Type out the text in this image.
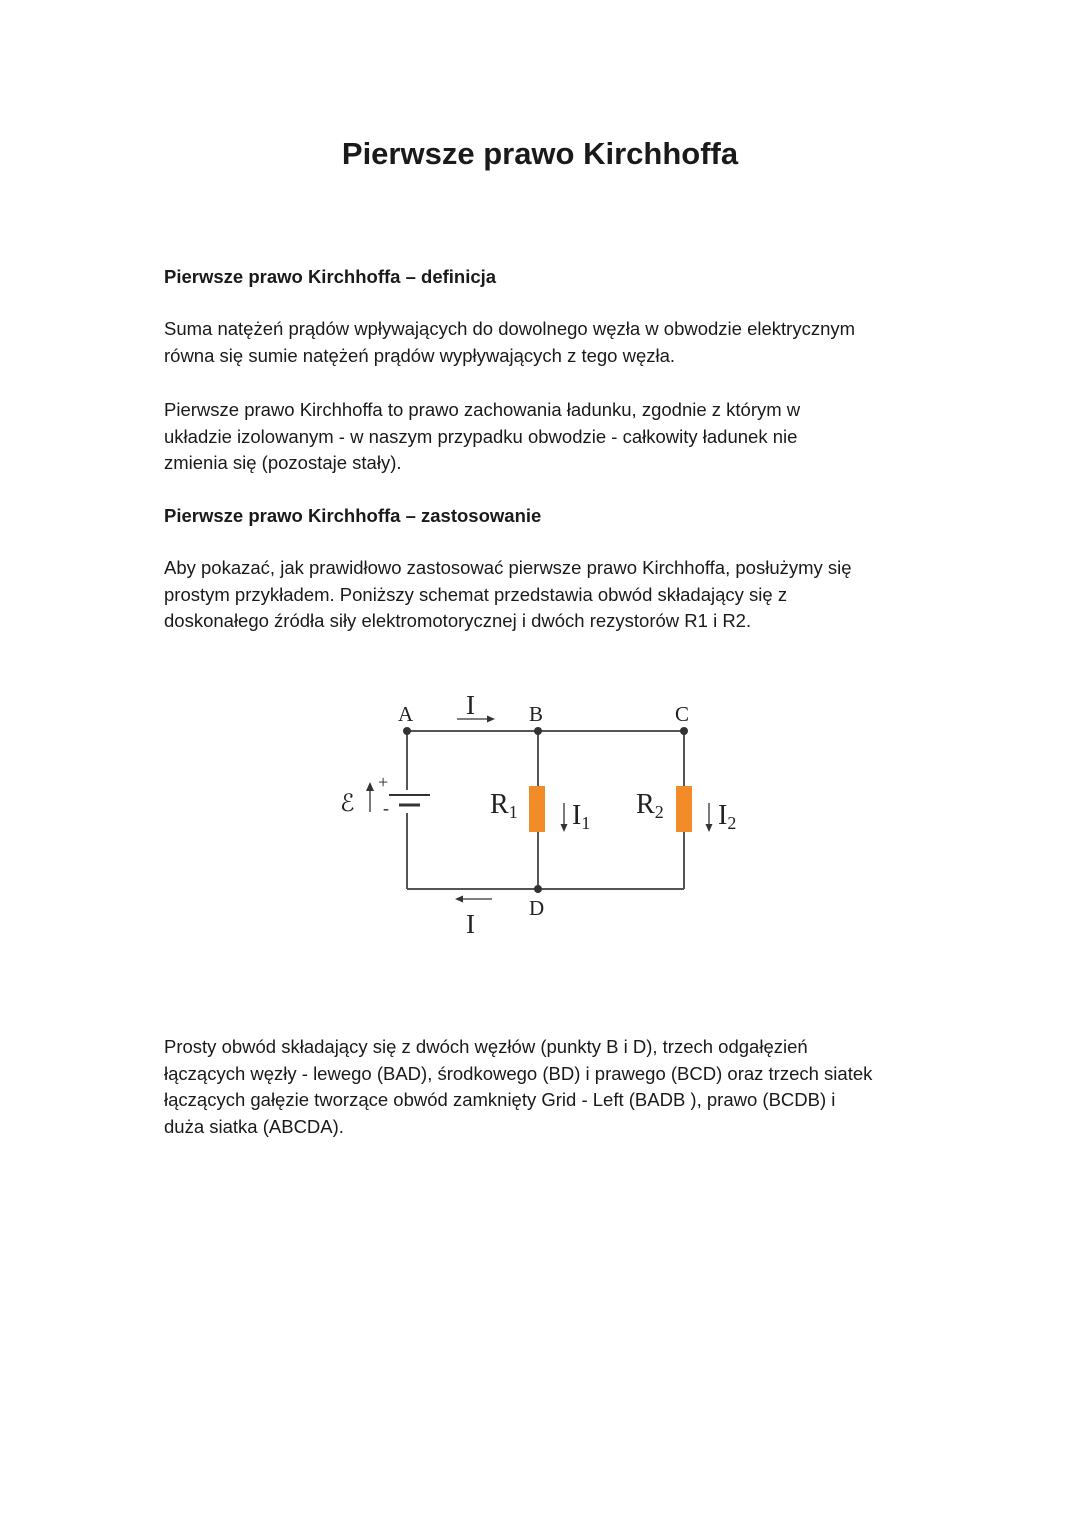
Pierwsze prawo Kirchhoffa
Pierwsze prawo Kirchhoffa – definicja

Suma natężeń prądów wpływających do dowolnego węzła w obwodzie elektrycznym
równa się sumie natężeń prądów wypływających z tego węzła.

Pierwsze prawo Kirchhoffa to prawo zachowania ładunku, zgodnie z którym w
układzie izolowanym - w naszym przypadku obwodzie - całkowity ładunek nie
zmienia się (pozostaje stały).

Pierwsze prawo Kirchhoffa – zastosowanie

Aby pokazać, jak prawidłowo zastosować pierwsze prawo Kirchhoffa, posłużymy się
prostym przykładem. Poniższy schemat przedstawia obwód składający się z
doskonałego źródła siły elektromotorycznej i dwóch rezystorów R1 i R2.

ℰ
+
-
A	B	C
D
I
I
R1 I1
R2 I2

Prosty obwód składający się z dwóch węzłów (punkty B i D), trzech odgałęzień
łączących węzły - lewego (BAD), środkowego (BD) i prawego (BCD) oraz trzech siatek
łączących gałęzie tworzące obwód zamknięty Grid - Left (BADB ), prawo (BCDB) i
duża siatka (ABCDA).
